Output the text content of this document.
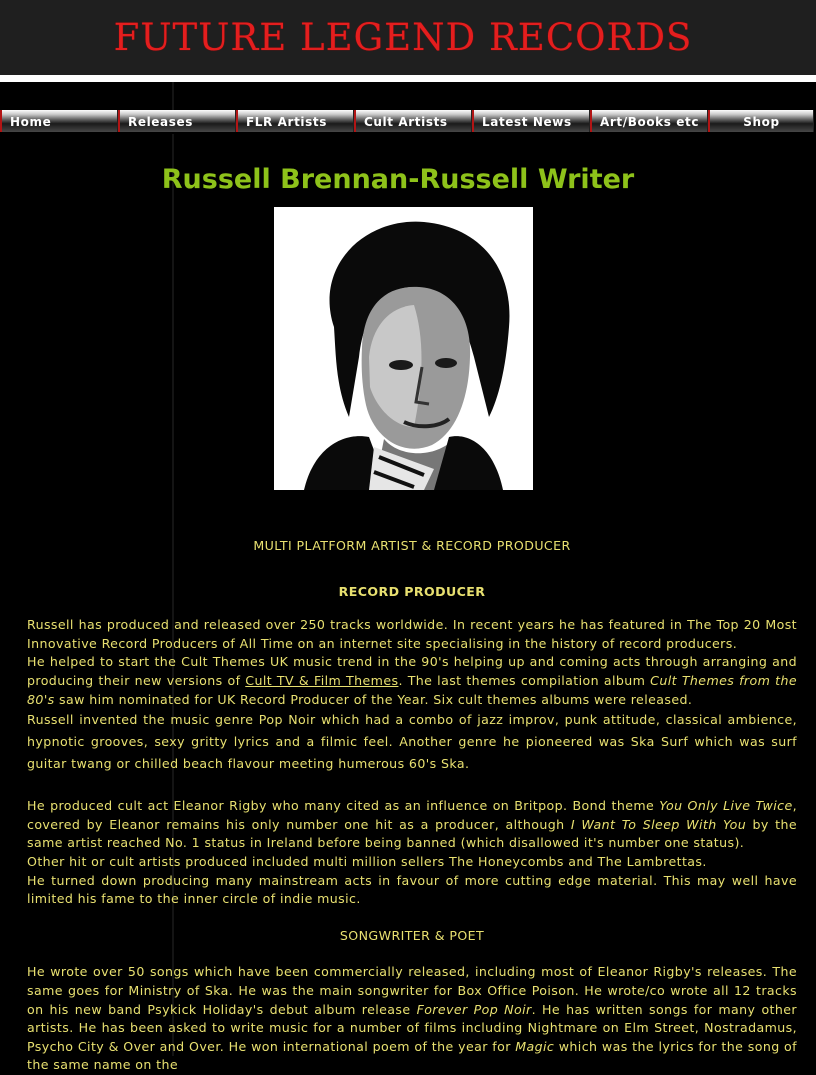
FUTURE LEGEND RECORDS
Home	Releases	FLR Artists	Cult Artists	Latest News	Art/Books etc	Shop
Russell Brennan-Russell Writer
MULTI PLATFORM ARTIST & RECORD PRODUCER
RECORD PRODUCER
Russell has produced and released over 250 tracks worldwide. In recent years he has featured in The Top 20 Most Innovative Record Producers of All Time on an internet site specialising in the history of record producers.
He helped to start the Cult Themes UK music trend in the 90's helping up and coming acts through arranging and producing their new versions of Cult TV & Film Themes. The last themes compilation album Cult Themes from the 80's saw him nominated for UK Record Producer of the Year. Six cult themes albums were released.
Russell invented the music genre Pop Noir which had a combo of jazz improv, punk attitude, classical ambience, hypnotic grooves, sexy gritty lyrics and a filmic feel. Another genre he pioneered was Ska Surf which was surf guitar twang or chilled beach flavour meeting humerous 60's Ska.
He produced cult act Eleanor Rigby who many cited as an influence on Britpop. Bond theme You Only Live Twice, covered by Eleanor remains his only number one hit as a producer, although I Want To Sleep With You by the same artist reached No. 1 status in Ireland before being banned (which disallowed it's number one status).
Other hit or cult artists produced included multi million sellers The Honeycombs and The Lambrettas.
He turned down producing many mainstream acts in favour of more cutting edge material. This may well have limited his fame to the inner circle of indie music.
SONGWRITER & POET
He wrote over 50 songs which have been commercially released, including most of Eleanor Rigby's releases. The same goes for Ministry of Ska. He was the main songwriter for Box Office Poison. He wrote/co wrote all 12 tracks on his new band Psykick Holiday's debut album release Forever Pop Noir. He has written songs for many other artists. He has been asked to write music for a number of films including Nightmare on Elm Street, Nostradamus, Psycho City & Over and Over. He won international poem of the year for Magic which was the lyrics for the song of the same name on the
